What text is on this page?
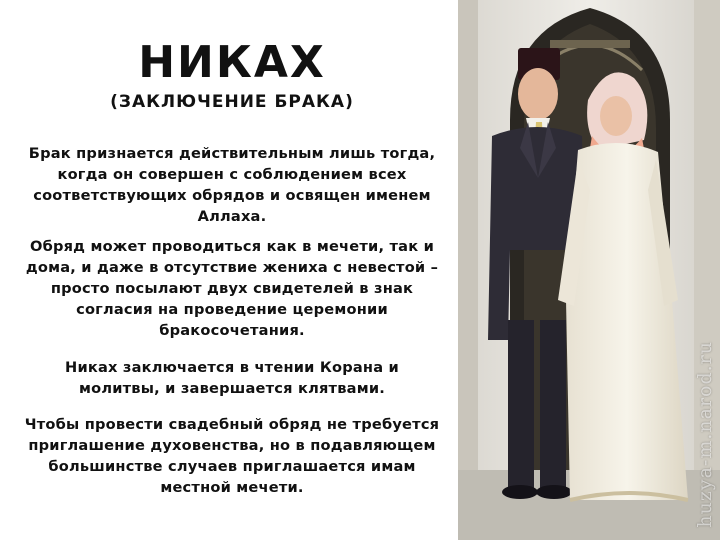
НИКАХ
(ЗАКЛЮЧЕНИЕ БРАКА)
Брак признается действительным лишь тогда, когда он совершен с соблюдением всех соответствующих обрядов и освящен именем Аллаха.
Обряд может проводиться как в мечети, так и дома, и даже в отсутствие жениха с невестой – просто посылают двух свидетелей в знак согласия на проведение церемонии бракосочетания.
Никах заключается в чтении Корана и молитвы, и завершается клятвами.
Чтобы провести свадебный обряд не требуется приглашение духовенства, но в подавляющем большинстве случаев приглашается имам местной мечети.	huzya-m.narod.ru
